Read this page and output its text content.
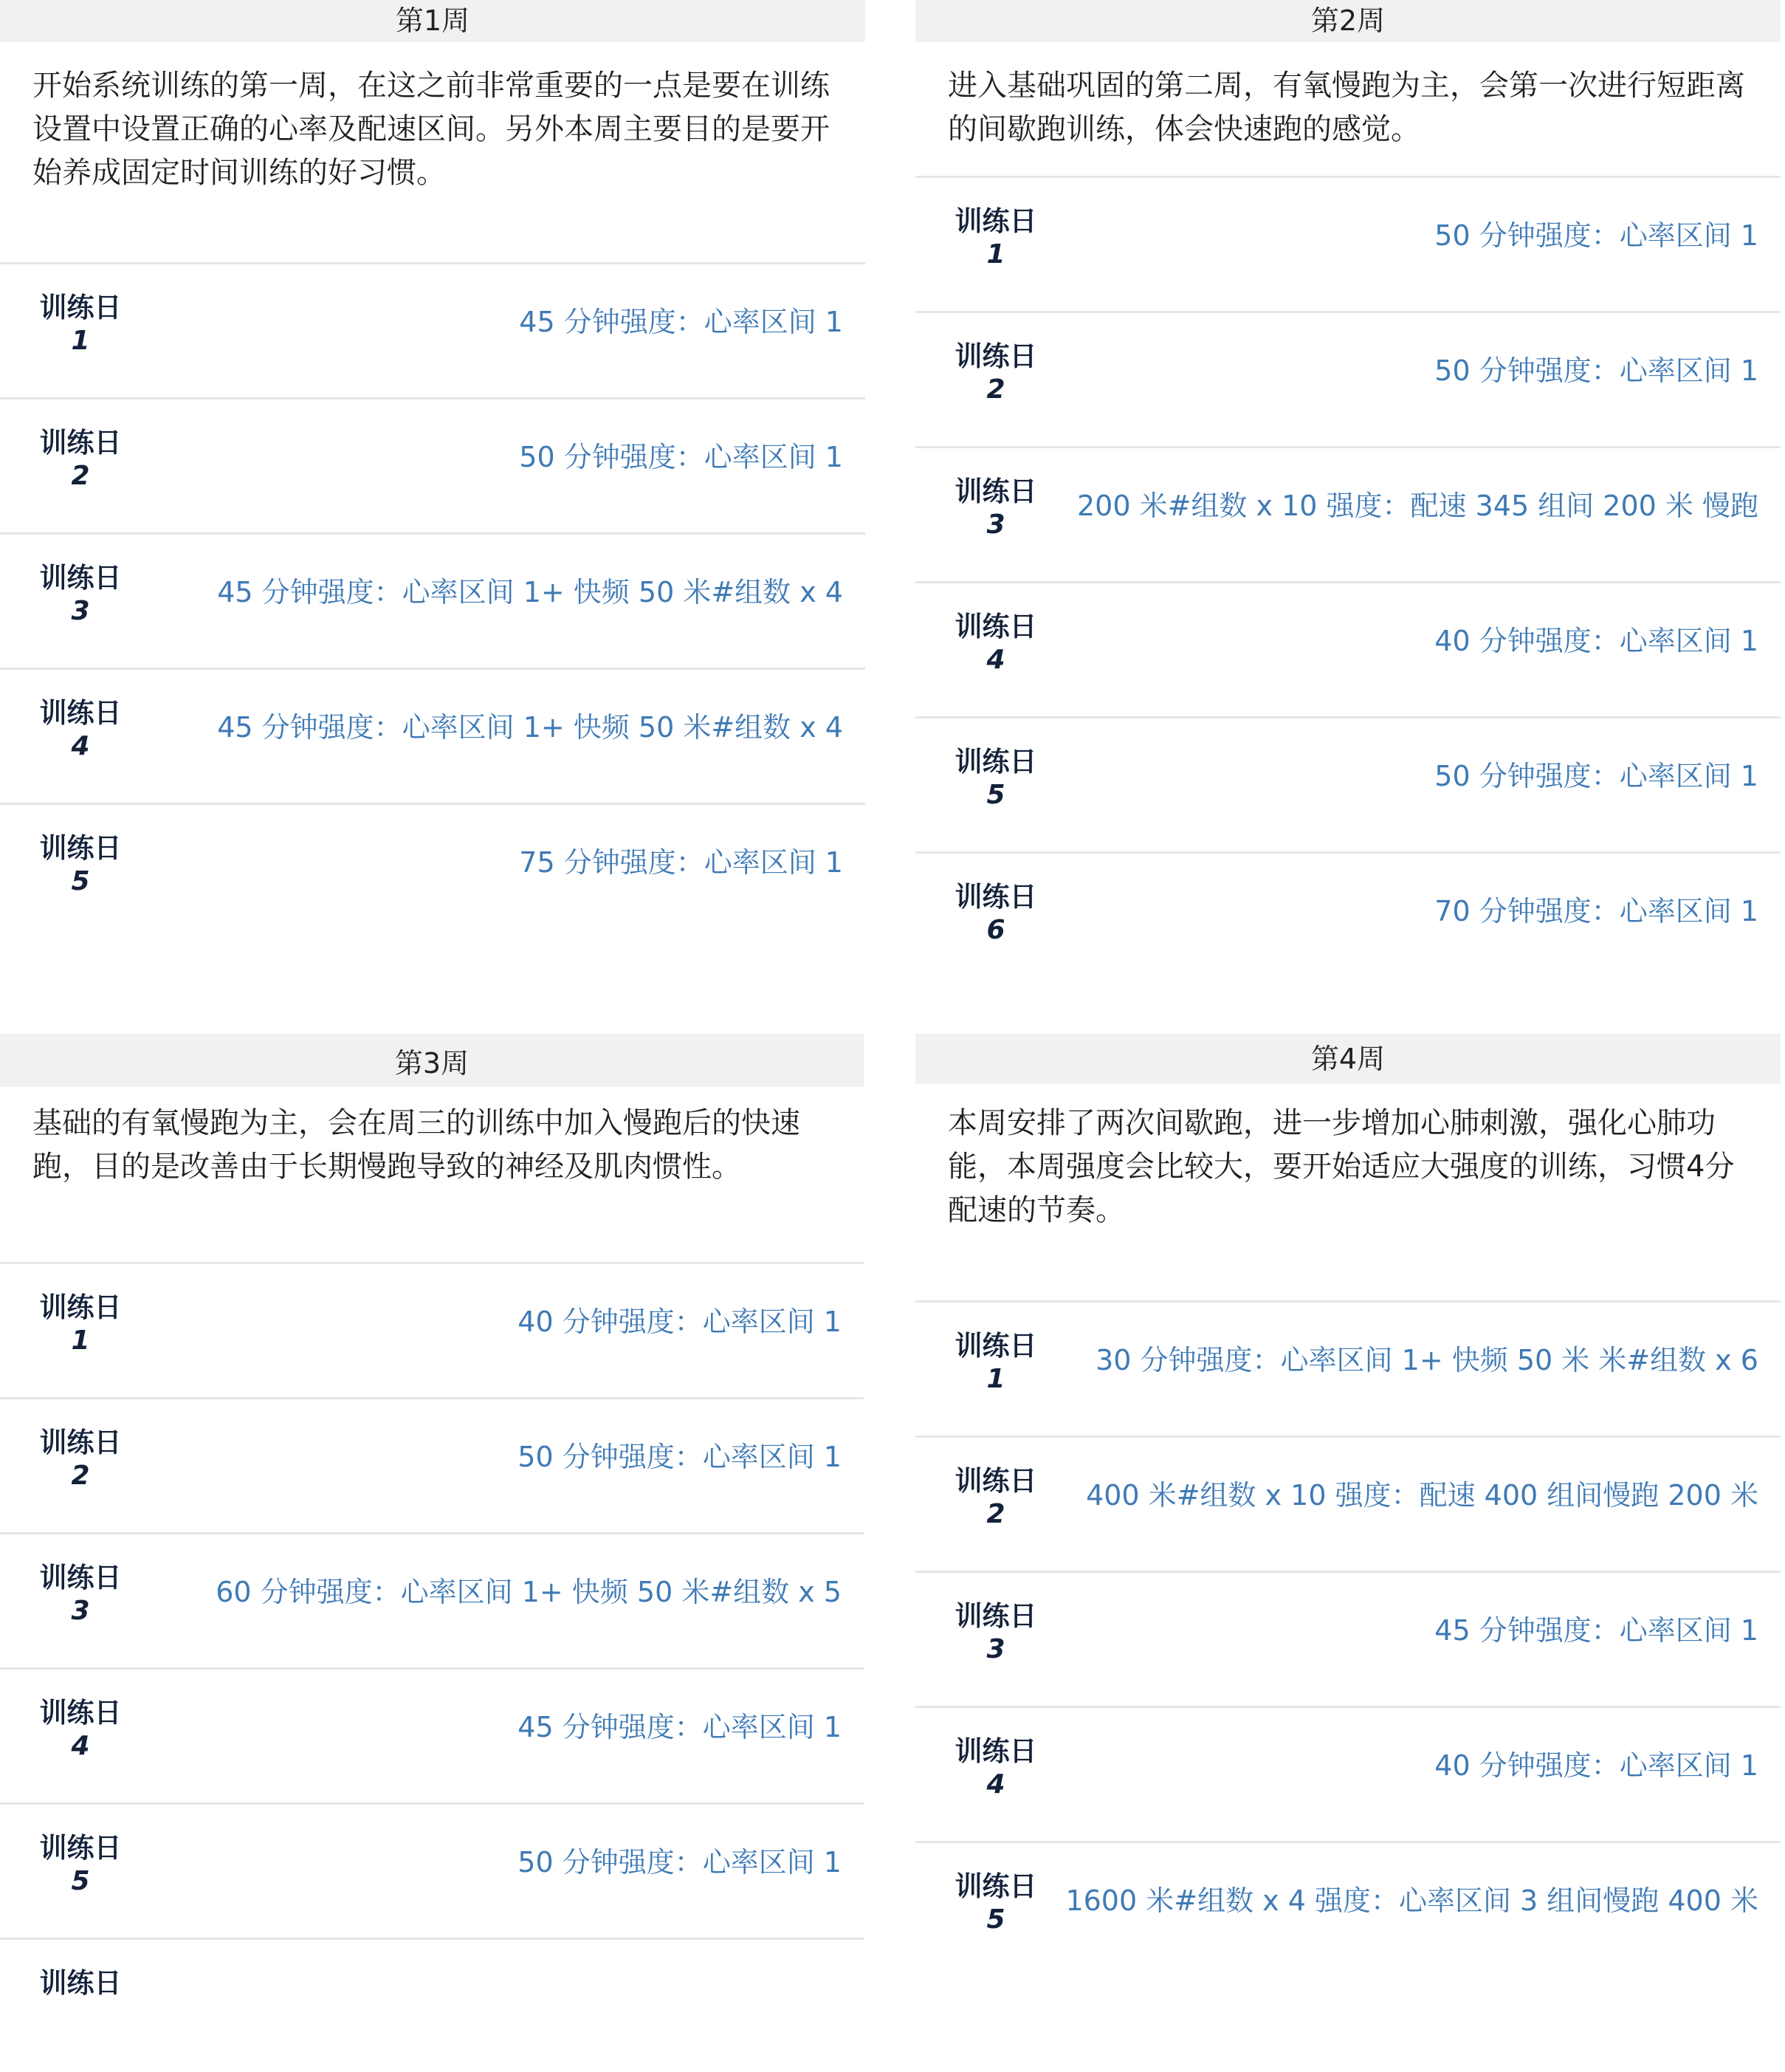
第1周
开始系统训练的第一周，在这之前非常重要的一点是要在训练设置中设置正确的心率及配速区间。另外本周主要目的是要开始养成固定时间训练的好习惯。
训练日
1
45 分钟强度：心率区间 1
训练日
2
50 分钟强度：心率区间 1
训练日
3
45 分钟强度：心率区间 1+ 快频 50 米#组数 x 4
训练日
4
45 分钟强度：心率区间 1+ 快频 50 米#组数 x 4
训练日
5
75 分钟强度：心率区间 1
第2周
进入基础巩固的第二周，有氧慢跑为主，会第一次进行短距离的间歇跑训练，体会快速跑的感觉。
训练日
1
50 分钟强度：心率区间 1
训练日
2
50 分钟强度：心率区间 1
训练日
3
200 米#组数 x 10 强度：配速 345 组间 200 米 慢跑
训练日
4
40 分钟强度：心率区间 1
训练日
5
50 分钟强度：心率区间 1
训练日
6
70 分钟强度：心率区间 1
第3周
基础的有氧慢跑为主，会在周三的训练中加入慢跑后的快速跑，目的是改善由于长期慢跑导致的神经及肌肉惯性。
训练日
1
40 分钟强度：心率区间 1
训练日
2
50 分钟强度：心率区间 1
训练日
3
60 分钟强度：心率区间 1+ 快频 50 米#组数 x 5
训练日
4
45 分钟强度：心率区间 1
训练日
5
50 分钟强度：心率区间 1
训练日
第4周
本周安排了两次间歇跑，进一步增加心肺刺激，强化心肺功能，本周强度会比较大，要开始适应大强度的训练，习惯4分配速的节奏。
训练日
1
30 分钟强度：心率区间 1+ 快频 50 米 米#组数 x 6
训练日
2
400 米#组数 x 10 强度：配速 400 组间慢跑 200 米
训练日
3
45 分钟强度：心率区间 1
训练日
4
40 分钟强度：心率区间 1
训练日
5
1600 米#组数 x 4 强度：心率区间 3 组间慢跑 400 米
